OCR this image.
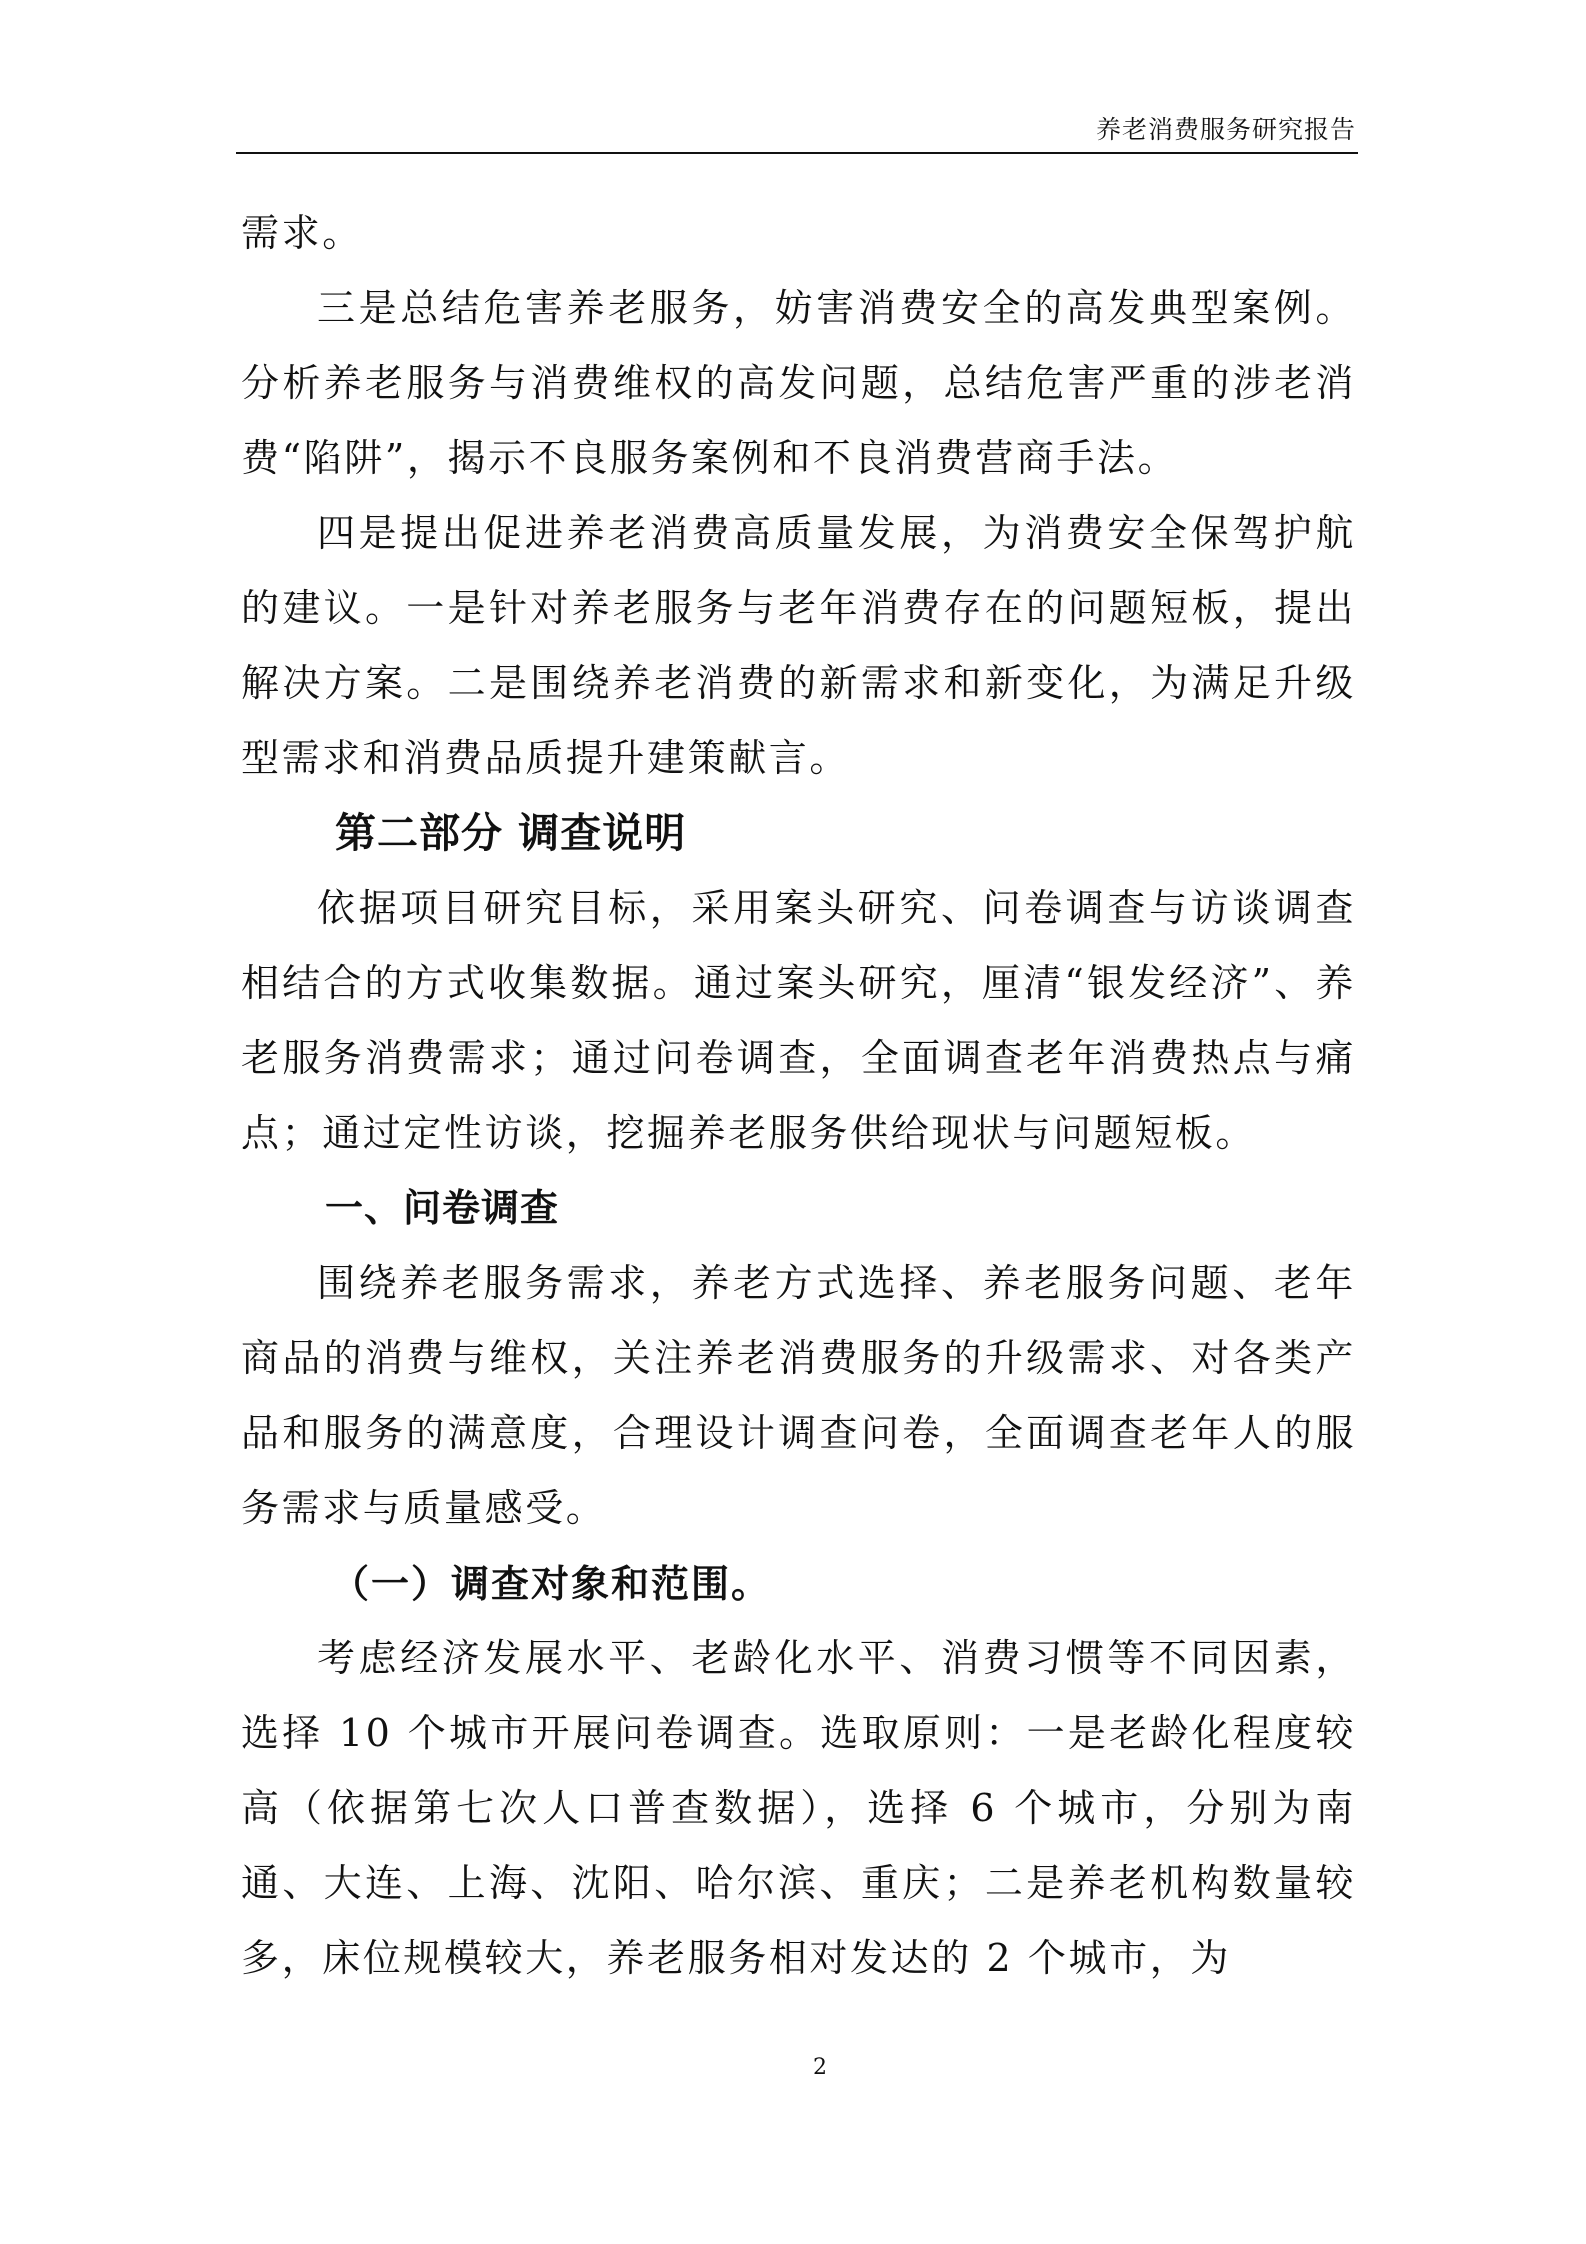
养老消费服务研究报告

需求。

三是总结危害养老服务，妨害消费安全的高发典型案例。分析养老服务与消费维权的高发问题，总结危害严重的涉老消费“陷阱”，揭示不良服务案例和不良消费营商手法。

四是提出促进养老消费高质量发展，为消费安全保驾护航的建议。一是针对养老服务与老年消费存在的问题短板，提出解决方案。二是围绕养老消费的新需求和新变化，为满足升级型需求和消费品质提升建策献言。

第二部分 调查说明

依据项目研究目标，采用案头研究、问卷调查与访谈调查相结合的方式收集数据。通过案头研究，厘清“银发经济”、养老服务消费需求；通过问卷调查，全面调查老年消费热点与痛点；通过定性访谈，挖掘养老服务供给现状与问题短板。

一、问卷调查

围绕养老服务需求，养老方式选择、养老服务问题、老年商品的消费与维权，关注养老消费服务的升级需求、对各类产品和服务的满意度，合理设计调查问卷，全面调查老年人的服务需求与质量感受。

（一）调查对象和范围。

考虑经济发展水平、老龄化水平、消费习惯等不同因素，选择 10 个城市开展问卷调查。选取原则：一是老龄化程度较高（依据第七次人口普查数据），选择 6 个城市，分别为南通、大连、上海、沈阳、哈尔滨、重庆；二是养老机构数量较多，床位规模较大，养老服务相对发达的 2 个城市，为

2
